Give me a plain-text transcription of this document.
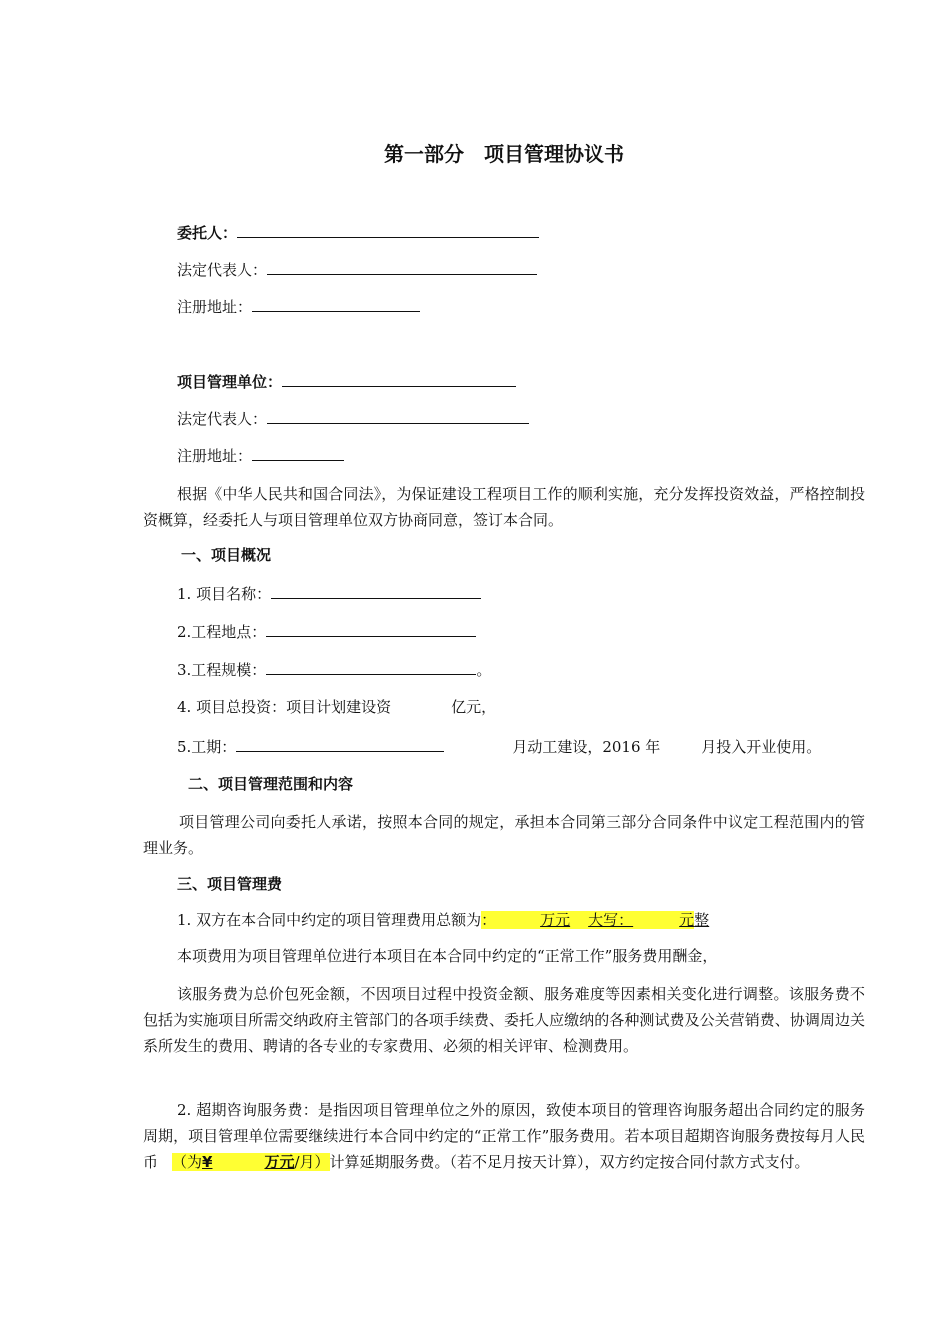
第一部分　项目管理协议书
委托人：
法定代表人：
注册地址：
项目管理单位：
法定代表人：
注册地址：
根据《中华人民共和国合同法》，为保证建设工程项目工作的顺利实施，充分发挥投资效益，严格控制投资概算，经委托人与项目管理单位双方协商同意，签订本合同。
一、项目概况
1. 项目名称：
2.工程地点：
3.工程规模：	。
4. 项目总投资：项目计划建设资	亿元，
5.工期：	月动工建设，2016 年	月投入开业使用。
二、项目管理范围和内容
项目管理公司向委托人承诺，按照本合同的规定，承担本合同第三部分合同条件中议定工程范围内的管理业务。
三、项目管理费
1. 双方在本合同中约定的项目管理费用总额为：	万元 大写：	元整
本项费用为项目管理单位进行本项目在本合同中约定的“正常工作”服务费用酬金，
该服务费为总价包死金额，不因项目过程中投资金额、服务难度等因素相关变化进行调整。该服务费不包括为实施项目所需交纳政府主管部门的各项手续费、委托人应缴纳的各种测试费及公关营销费、协调周边关系所发生的费用、聘请的各专业的专家费用、必须的相关评审、检测费用。
2. 超期咨询服务费：是指因项目管理单位之外的原因，致使本项目的管理咨询服务超出合同约定的服务周期，项目管理单位需要继续进行本合同中约定的“正常工作”服务费用。若本项目超期咨询服务费按每月人民币 （为¥	万元/月）计算延期服务费。（若不足月按天计算），双方约定按合同付款方式支付。
